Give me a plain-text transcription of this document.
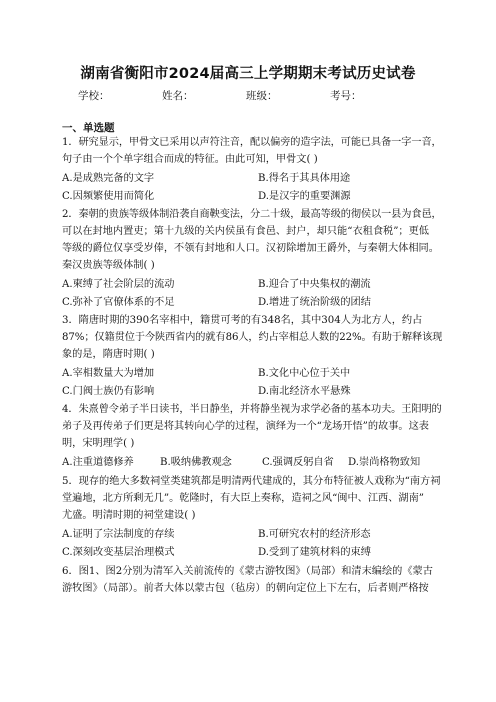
湖南省衡阳市2024届高三上学期期末考试历史试卷
学校：	姓名：	班级：	考号：
一、单选题
1．研究显示，甲骨文已采用以声符注音，配以偏旁的造字法，可能已具备一字一音，
句子由一个个单字组合而成的特征。由此可知，甲骨文( )
A.是成熟完备的文字	B.得名于其具体用途
C.因频繁使用而简化	D.是汉字的重要渊源
2．秦朝的贵族等级体制沿袭自商鞅变法，分二十级，最高等级的彻侯以一县为食邑，
可以在封地内置吏；第十九级的关内侯虽有食邑、封户，却只能“衣租食税”；更低
等级的爵位仅享受岁俸，不领有封地和人口。汉初除增加王爵外，与秦朝大体相同。
秦汉贵族等级体制( )
A.柬缚了社会阶层的流动	B.迎合了中央集权的潮流
C.弥补了官僚体系的不足	D.增进了统治阶级的团结
3．隋唐时期的390名宰相中，籍贯可考的有348名，其中304人为北方人，约占
87%；仅籍贯位于今陕西省内的就有86人，约占宰相总人数的22%。有助于解释该现
象的是，隋唐时期( )
A.宰相数量大为增加	B.文化中心位于关中
C.门阀士族仍有影响	D.南北经济水平悬殊
4．朱熹曾令弟子半日读书，半日静坐，并将静坐视为求学必备的基本功夫。王阳明的
弟子及再传弟子们更是将其转向心学的过程，演绎为一个“龙场开悟”的故事。这表
明，宋明理学( )
A.注重道德修养	B.吸纳佛教观念	C.强调反躬自省 D.崇尚格物致知
5．现存的绝大多数祠堂类建筑都是明清两代建成的，其分布特征被人戏称为“南方祠
堂遍地，北方所剩无几”。乾隆时，有大臣上奏称，造祠之风“闽中、江西、湖南”
尤盛。明清时期的祠堂建设( )
A.证明了宗法制度的存续	B.可研究农村的经济形态
C.深刻改变基层治理模式	D.受到了建筑材料的束缚
6．图1、图2分别为清军入关前流传的《蒙古游牧图》（局部）和清末编绘的《蒙古
游牧图》（局部）。前者大体以蒙古包（毡房）的朝向定位上下左右，后者则严格按
